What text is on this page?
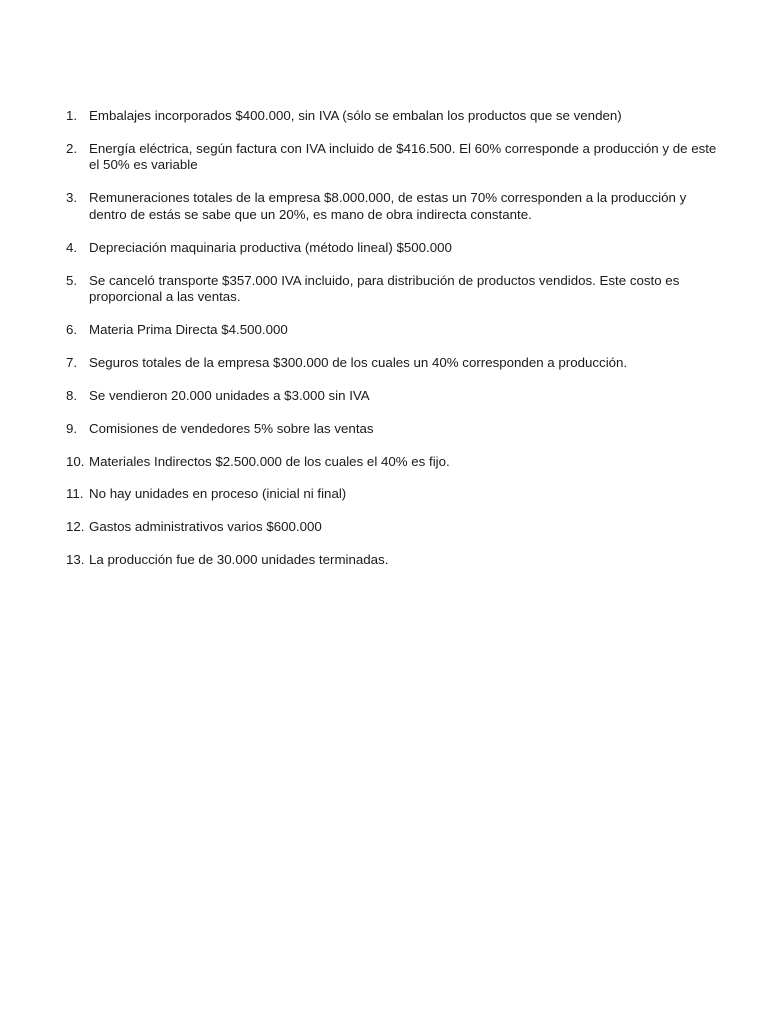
1. Embalajes incorporados $400.000, sin IVA (sólo se embalan los productos que se venden)
2. Energía eléctrica, según factura con IVA incluido de $416.500. El 60% corresponde a producción y de este el 50% es variable
3. Remuneraciones totales de la empresa $8.000.000, de estas un 70% corresponden a la producción y dentro de estás se sabe que un 20%, es mano de obra indirecta constante.
4. Depreciación maquinaria productiva (método lineal) $500.000
5. Se canceló transporte $357.000 IVA incluido, para distribución de productos vendidos. Este costo es proporcional a las ventas.
6. Materia Prima Directa $4.500.000
7. Seguros totales de la empresa $300.000 de los cuales un 40% corresponden a producción.
8. Se vendieron 20.000 unidades a $3.000 sin IVA
9. Comisiones de vendedores 5% sobre las ventas
10. Materiales Indirectos $2.500.000 de los cuales el 40% es fijo.
11. No hay unidades en proceso (inicial ni final)
12. Gastos administrativos varios $600.000
13. La producción fue de 30.000 unidades terminadas.
